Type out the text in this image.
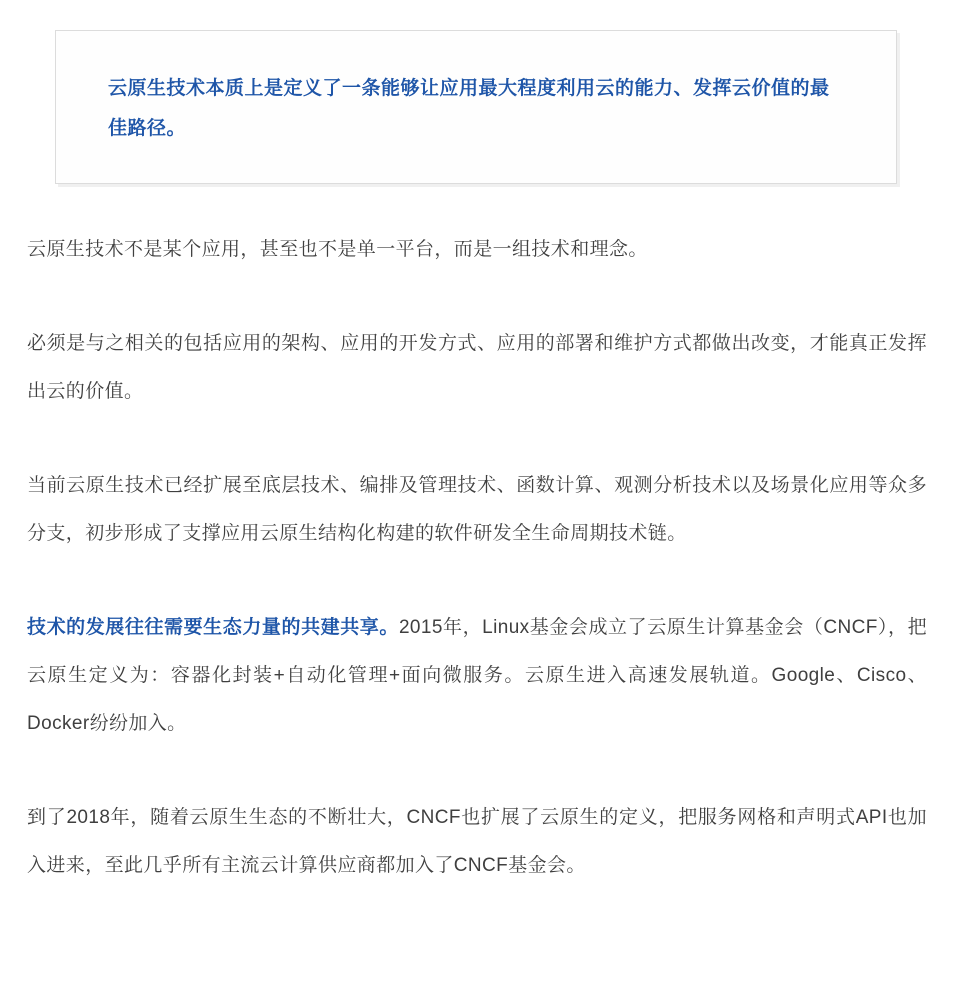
云原生技术本质上是定义了一条能够让应用最大程度利用云的能力、发挥云价值的最佳路径。

云原生技术不是某个应用，甚至也不是单一平台，而是一组技术和理念。

必须是与之相关的包括应用的架构、应用的开发方式、应用的部署和维护方式都做出改变，才能真正发挥出云的价值。

当前云原生技术已经扩展至底层技术、编排及管理技术、函数计算、观测分析技术以及场景化应用等众多分支，初步形成了支撑应用云原生结构化构建的软件研发全生命周期技术链。

技术的发展往往需要生态力量的共建共享。2015年，Linux基金会成立了云原生计算基金会（CNCF），把云原生定义为：容器化封装+自动化管理+面向微服务。云原生进入高速发展轨道。Google、Cisco、Docker纷纷加入。

到了2018年，随着云原生生态的不断壮大，CNCF也扩展了云原生的定义，把服务网格和声明式API也加入进来，至此几乎所有主流云计算供应商都加入了CNCF基金会。
